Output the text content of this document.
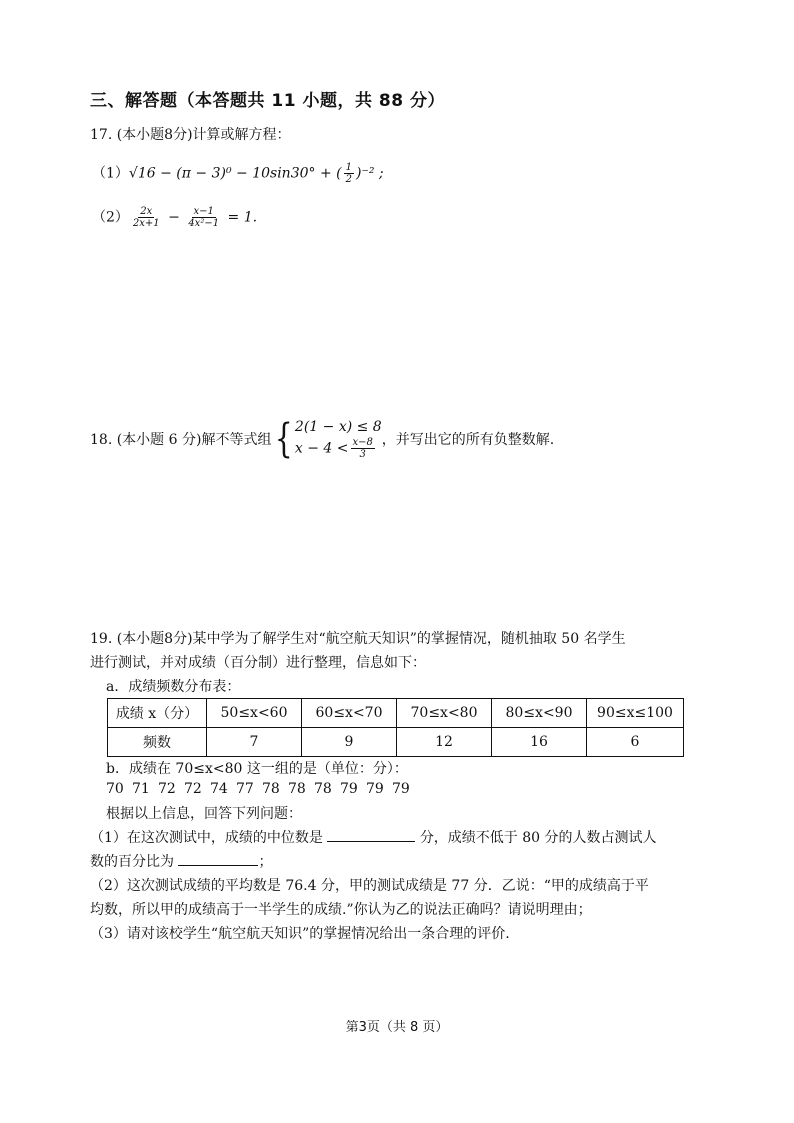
三、解答题（本答题共 11 小题，共 88 分）
17. (本小题8分)计算或解方程：
（1）√16 − (π − 3)⁰ − 10sin30° + ( $\frac{1}{2} )^{-2}$ ;
$(2) \frac{2x}{2x+1} - \frac{x-1}{\text{4x²−1}} = 1$.
18. (本小题 6 分)解不等式组 { 2(1 − x) ≤ 8
$x - 4 < \frac{x-8}{3}$ ，并写出它的所有负整数解.
19. (本小题8分)某中学为了解学生对“航空航天知识”的掌握情况，随机抽取 50 名学生
进行测试，并对成绩（百分制）进行整理，信息如下：
a．成绩频数分布表：
成绩 x（分）	50≤x<60	60≤x<70	70≤x<80	80≤x<90	90≤x≤100
频数	7	9	12	16	6
b．成绩在 70≤x<80 这一组的是（单位：分）：
70 71 72 72 74 77 78 78 78 79 79 79
根据以上信息，回答下列问题：
（1）在这次测试中，成绩的中位数是	分，成绩不低于 80 分的人数占测试人
数的百分比为	；
（2）这次测试成绩的平均数是 76.4 分，甲的测试成绩是 77 分．乙说：“甲的成绩高于平
均数，所以甲的成绩高于一半学生的成绩.”你认为乙的说法正确吗？请说明理由；
（3）请对该校学生“航空航天知识”的掌握情况给出一条合理的评价.
第3页（共 8 页）
